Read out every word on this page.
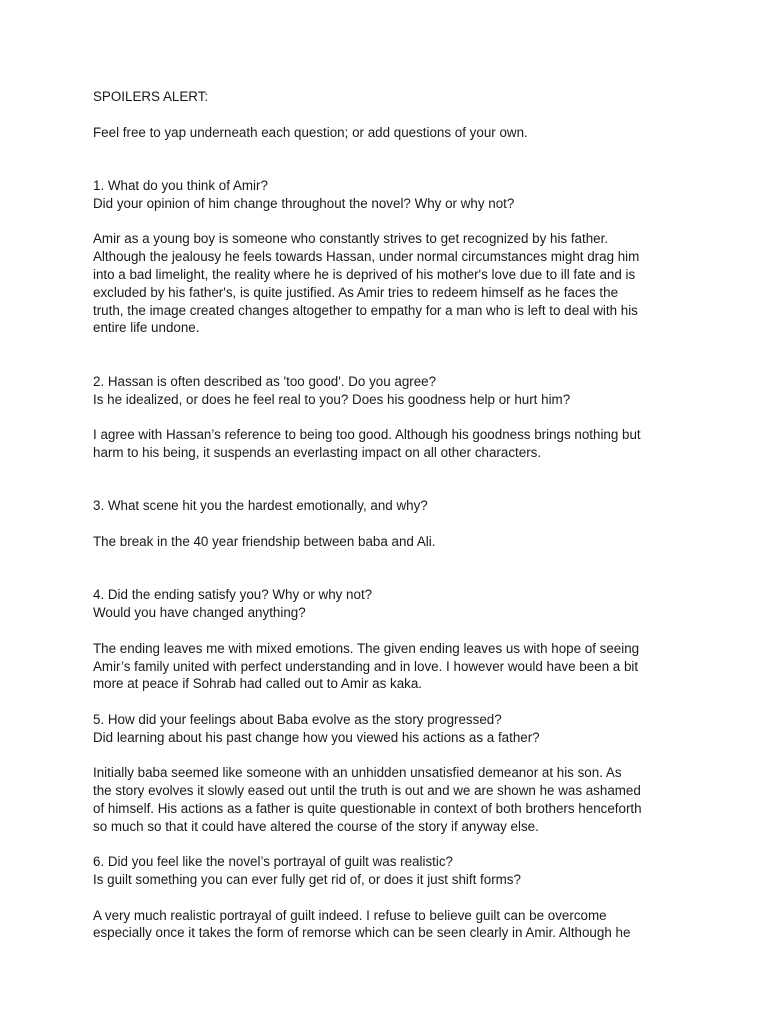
SPOILERS ALERT:
Feel free to yap underneath each question; or add questions of your own.
1. What do you think of Amir?
Did your opinion of him change throughout the novel? Why or why not?
Amir as a young boy is someone who constantly strives to get recognized by his father.
Although the jealousy he feels towards Hassan, under normal circumstances might drag him
into a bad limelight, the reality where he is deprived of his mother's love due to ill fate and is
excluded by his father's, is quite justified. As Amir tries to redeem himself as he faces the
truth, the image created changes altogether to empathy for a man who is left to deal with his
entire life undone.
2. Hassan is often described as 'too good'. Do you agree?
Is he idealized, or does he feel real to you? Does his goodness help or hurt him?
I agree with Hassan’s reference to being too good. Although his goodness brings nothing but
harm to his being, it suspends an everlasting impact on all other characters.
3. What scene hit you the hardest emotionally, and why?
The break in the 40 year friendship between baba and Ali.
4. Did the ending satisfy you? Why or why not?
Would you have changed anything?
The ending leaves me with mixed emotions. The given ending leaves us with hope of seeing
Amir’s family united with perfect understanding and in love. I however would have been a bit
more at peace if Sohrab had called out to Amir as kaka.
5. How did your feelings about Baba evolve as the story progressed?
Did learning about his past change how you viewed his actions as a father?
Initially baba seemed like someone with an unhidden unsatisfied demeanor at his son. As
the story evolves it slowly eased out until the truth is out and we are shown he was ashamed
of himself. His actions as a father is quite questionable in context of both brothers henceforth
so much so that it could have altered the course of the story if anyway else.
6. Did you feel like the novel’s portrayal of guilt was realistic?
Is guilt something you can ever fully get rid of, or does it just shift forms?
A very much realistic portrayal of guilt indeed. I refuse to believe guilt can be overcome
especially once it takes the form of remorse which can be seen clearly in Amir. Although he
